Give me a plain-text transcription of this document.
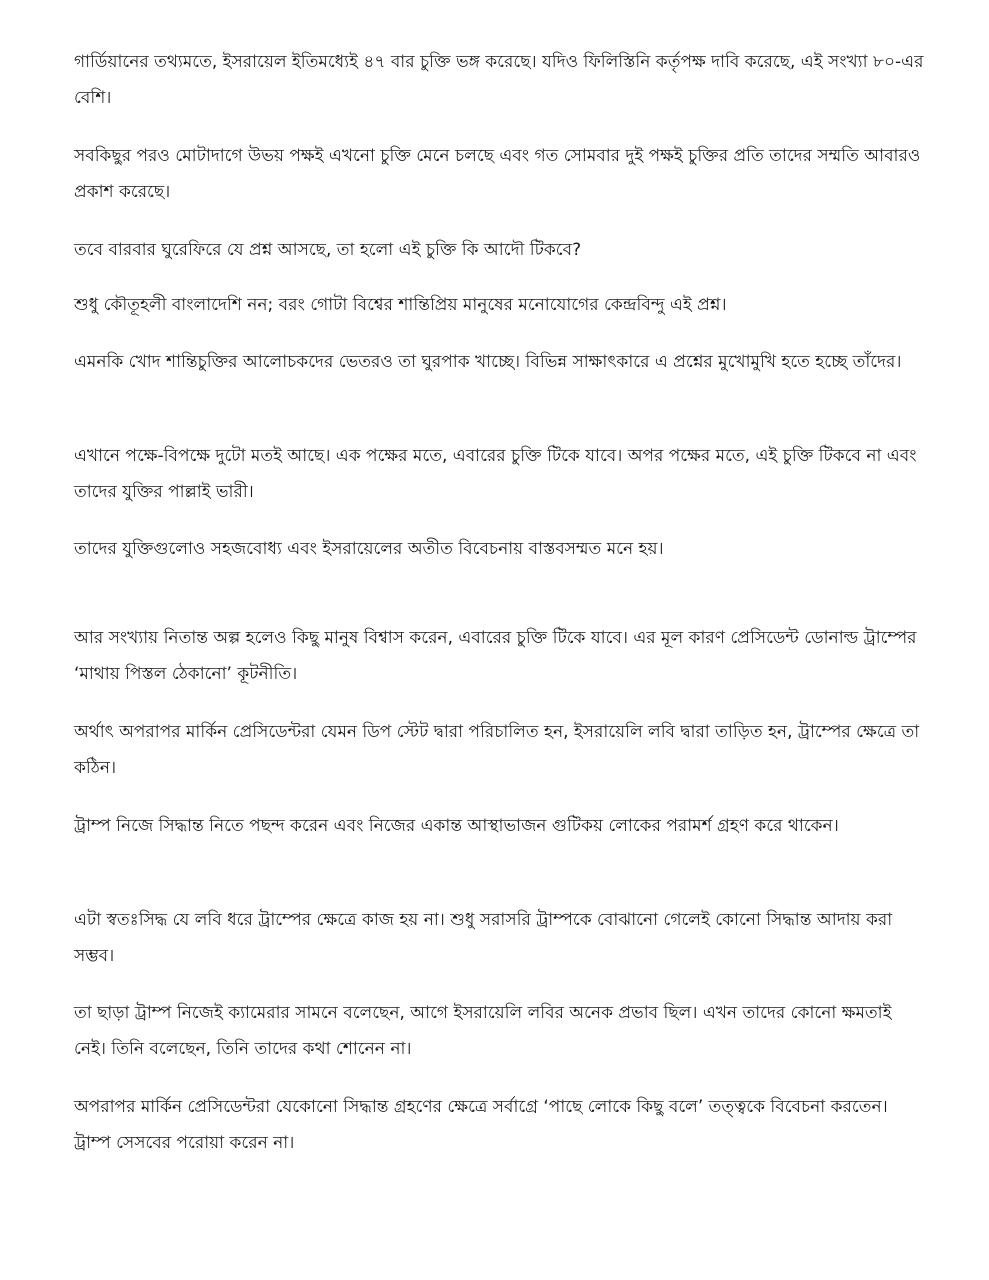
গার্ডিয়ানের তথ্যমতে, ইসরায়েল ইতিমধ্যেই ৪৭ বার চুক্তি ভঙ্গ করেছে। যদিও ফিলিস্তিনি কর্তৃপক্ষ দাবি করেছে, এই সংখ্যা ৮০-এর বেশি।

সবকিছুর পরও মোটাদাগে উভয় পক্ষই এখনো চুক্তি মেনে চলছে এবং গত সোমবার দুই পক্ষই চুক্তির প্রতি তাদের সম্মতি আবারও প্রকাশ করেছে।

তবে বারবার ঘুরেফিরে যে প্রশ্ন আসছে, তা হলো এই চুক্তি কি আদৌ টিকবে?

শুধু কৌতূহলী বাংলাদেশি নন; বরং গোটা বিশ্বের শান্তিপ্রিয় মানুষের মনোযোগের কেন্দ্রবিন্দু এই প্রশ্ন।

এমনকি খোদ শান্তিচুক্তির আলোচকদের ভেতরও তা ঘুরপাক খাচ্ছে। বিভিন্ন সাক্ষাৎকারে এ প্রশ্নের মুখোমুখি হতে হচ্ছে তাঁদের।

এখানে পক্ষে-বিপক্ষে দুটো মতই আছে। এক পক্ষের মতে, এবারের চুক্তি টিকে যাবে। অপর পক্ষের মতে, এই চুক্তি টিকবে না এবং তাদের যুক্তির পাল্লাই ভারী।

তাদের যুক্তিগুলোও সহজবোধ্য এবং ইসরায়েলের অতীত বিবেচনায় বাস্তবসম্মত মনে হয়।

আর সংখ্যায় নিতান্ত অল্প হলেও কিছু মানুষ বিশ্বাস করেন, এবারের চুক্তি টিকে যাবে। এর মূল কারণ প্রেসিডেন্ট ডোনাল্ড ট্রাম্পের ‘মাথায় পিস্তল ঠেকানো’ কূটনীতি।

অর্থাৎ অপরাপর মার্কিন প্রেসিডেন্টরা যেমন ডিপ স্টেট দ্বারা পরিচালিত হন, ইসরায়েলি লবি দ্বারা তাড়িত হন, ট্রাম্পের ক্ষেত্রে তা কঠিন।

ট্রাম্প নিজে সিদ্ধান্ত নিতে পছন্দ করেন এবং নিজের একান্ত আস্থাভাজন গুটিকয় লোকের পরামর্শ গ্রহণ করে থাকেন।

এটা স্বতঃসিদ্ধ যে লবি ধরে ট্রাম্পের ক্ষেত্রে কাজ হয় না। শুধু সরাসরি ট্রাম্পকে বোঝানো গেলেই কোনো সিদ্ধান্ত আদায় করা সম্ভব।

তা ছাড়া ট্রাম্প নিজেই ক্যামেরার সামনে বলেছেন, আগে ইসরায়েলি লবির অনেক প্রভাব ছিল। এখন তাদের কোনো ক্ষমতাই নেই। তিনি বলেছেন, তিনি তাদের কথা শোনেন না।

অপরাপর মার্কিন প্রেসিডেন্টরা যেকোনো সিদ্ধান্ত গ্রহণের ক্ষেত্রে সর্বাগ্রে ‘পাছে লোকে কিছু বলে’ তত্ত্বকে বিবেচনা করতেন। ট্রাম্প সেসবের পরোয়া করেন না।
